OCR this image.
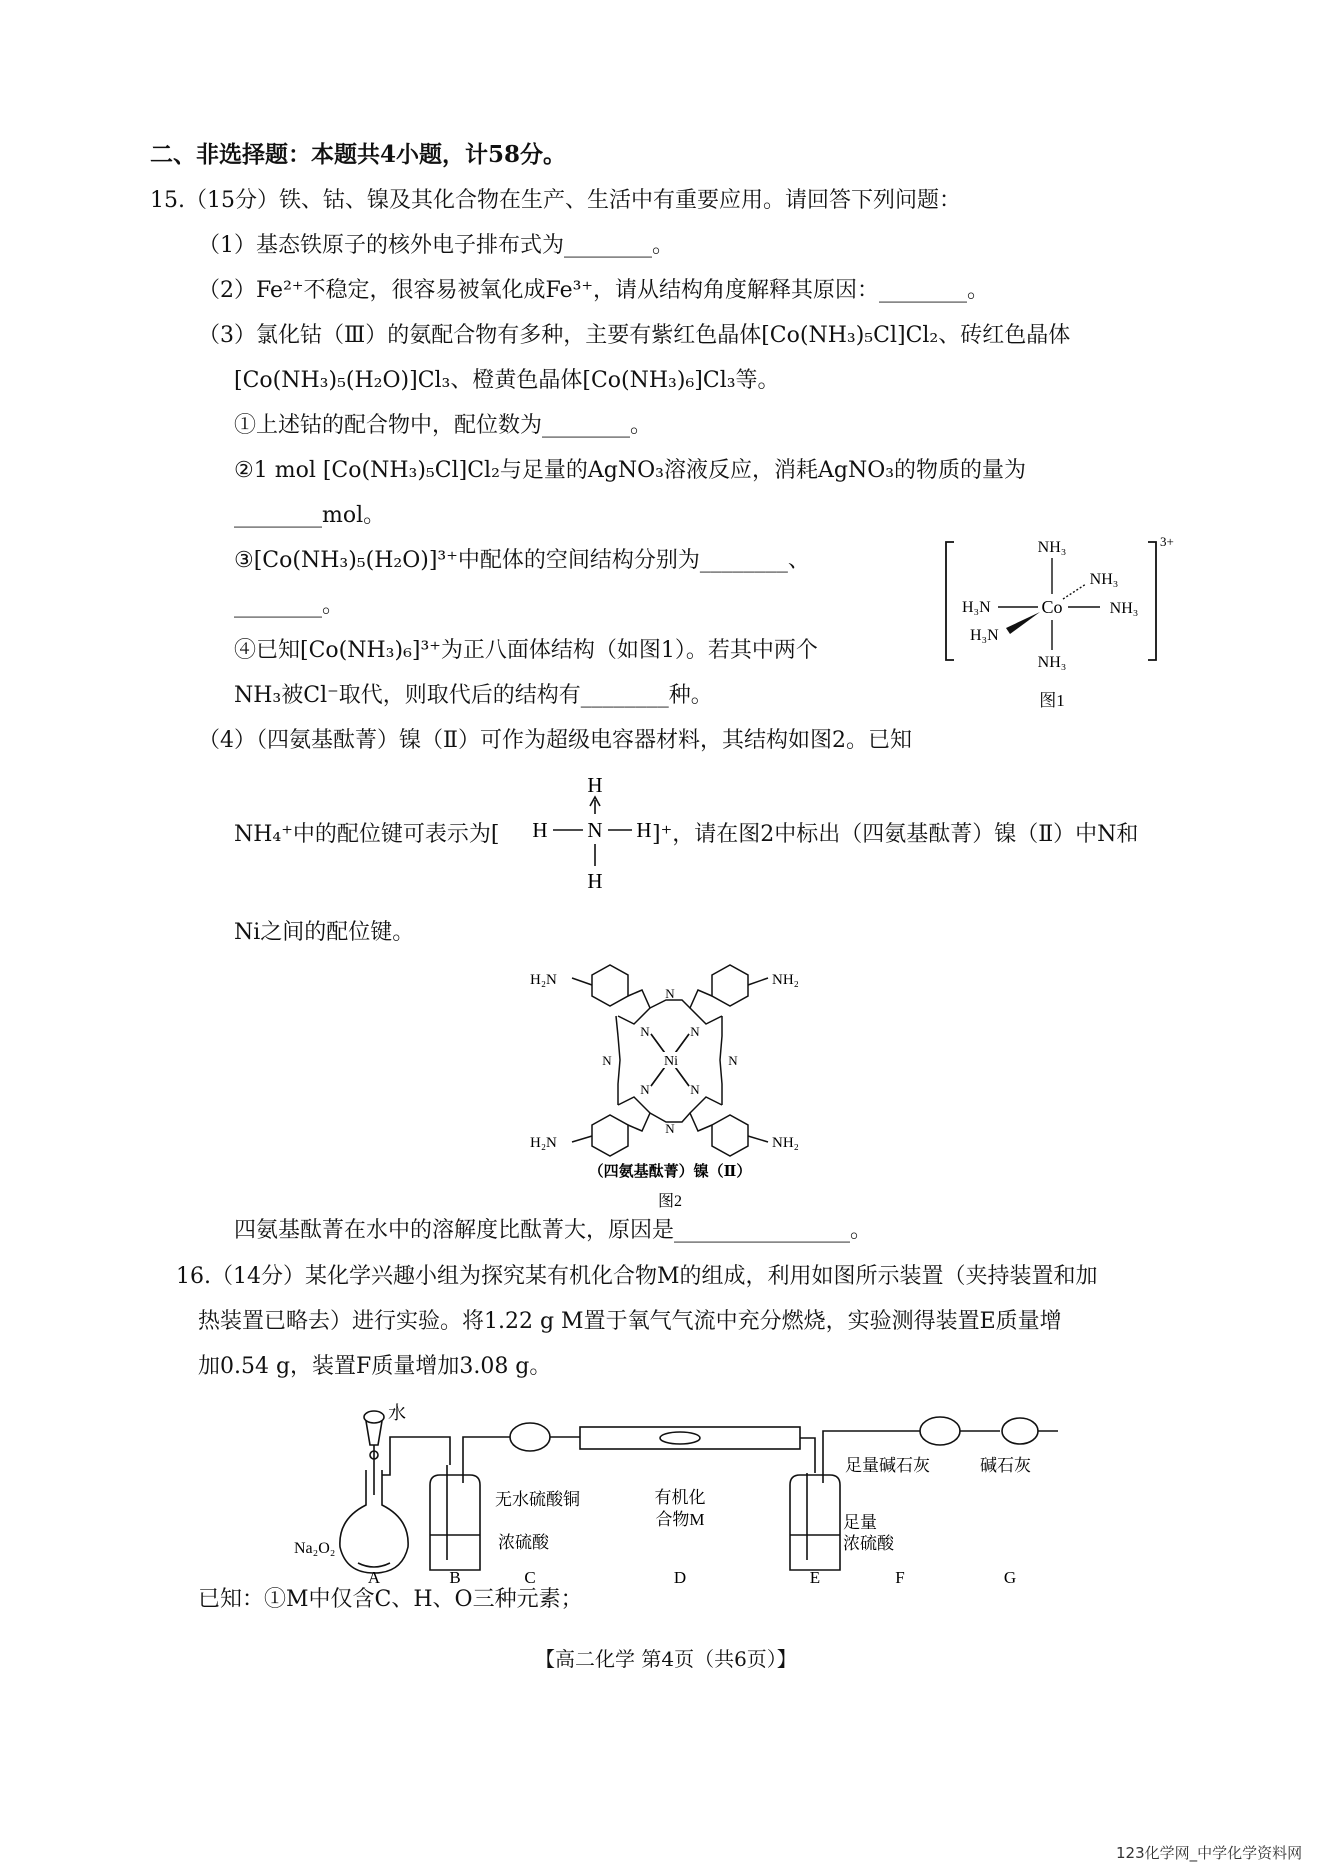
二、非选择题：本题共4小题，计58分。
15.（15分）铁、钴、镍及其化合物在生产、生活中有重要应用。请回答下列问题：
（1）基态铁原子的核外电子排布式为________。
（2）Fe²⁺不稳定，很容易被氧化成Fe³⁺，请从结构角度解释其原因：________。
（3）氯化钴（Ⅲ）的氨配合物有多种，主要有紫红色晶体[Co(NH₃)₅Cl]Cl₂、砖红色晶体
[Co(NH₃)₅(H₂O)]Cl₃、橙黄色晶体[Co(NH₃)₆]Cl₃等。
①上述钴的配合物中，配位数为________。
②1 mol [Co(NH₃)₅Cl]Cl₂与足量的AgNO₃溶液反应，消耗AgNO₃的物质的量为
________mol。
③[Co(NH₃)₅(H₂O)]³⁺中配体的空间结构分别为________、
________。
④已知[Co(NH₃)₆]³⁺为正八面体结构（如图1）。若其中两个
NH₃被Cl⁻取代，则取代后的结构有________种。
（4）（四氨基酞菁）镍（Ⅱ）可作为超级电容器材料，其结构如图2。已知
NH₄⁺中的配位键可表示为[	]⁺，请在图2中标出（四氨基酞菁）镍（Ⅱ）中N和
Ni之间的配位键。
四氨基酞菁在水中的溶解度比酞菁大，原因是________________。
16.（14分）某化学兴趣小组为探究某有机化合物M的组成，利用如图所示装置（夹持装置和加
热装置已略去）进行实验。将1.22 g M置于氧气气流中充分燃烧，实验测得装置E质量增
加0.54 g，装置F质量增加3.08 g。
已知：①M中仅含C、H、O三种元素；
【高二化学 第4页（共6页）】
123化学网_中学化学资料网
H
H N H
H
3+
NH₃
NH₃
H₃N	Co	NH₃
H₃N
NH₃
图1
H₂N	NH₂
H₂N	NH₂
N
N
N	N
N	N
N	N
Ni
（四氨基酞菁）镍（Ⅱ）
图2
水
Na₂O₂
无水硫酸铜
浓硫酸
有机化
合物M	足量
浓硫酸
足量碱石灰	碱石灰
A	B	C	D	E	F	G
